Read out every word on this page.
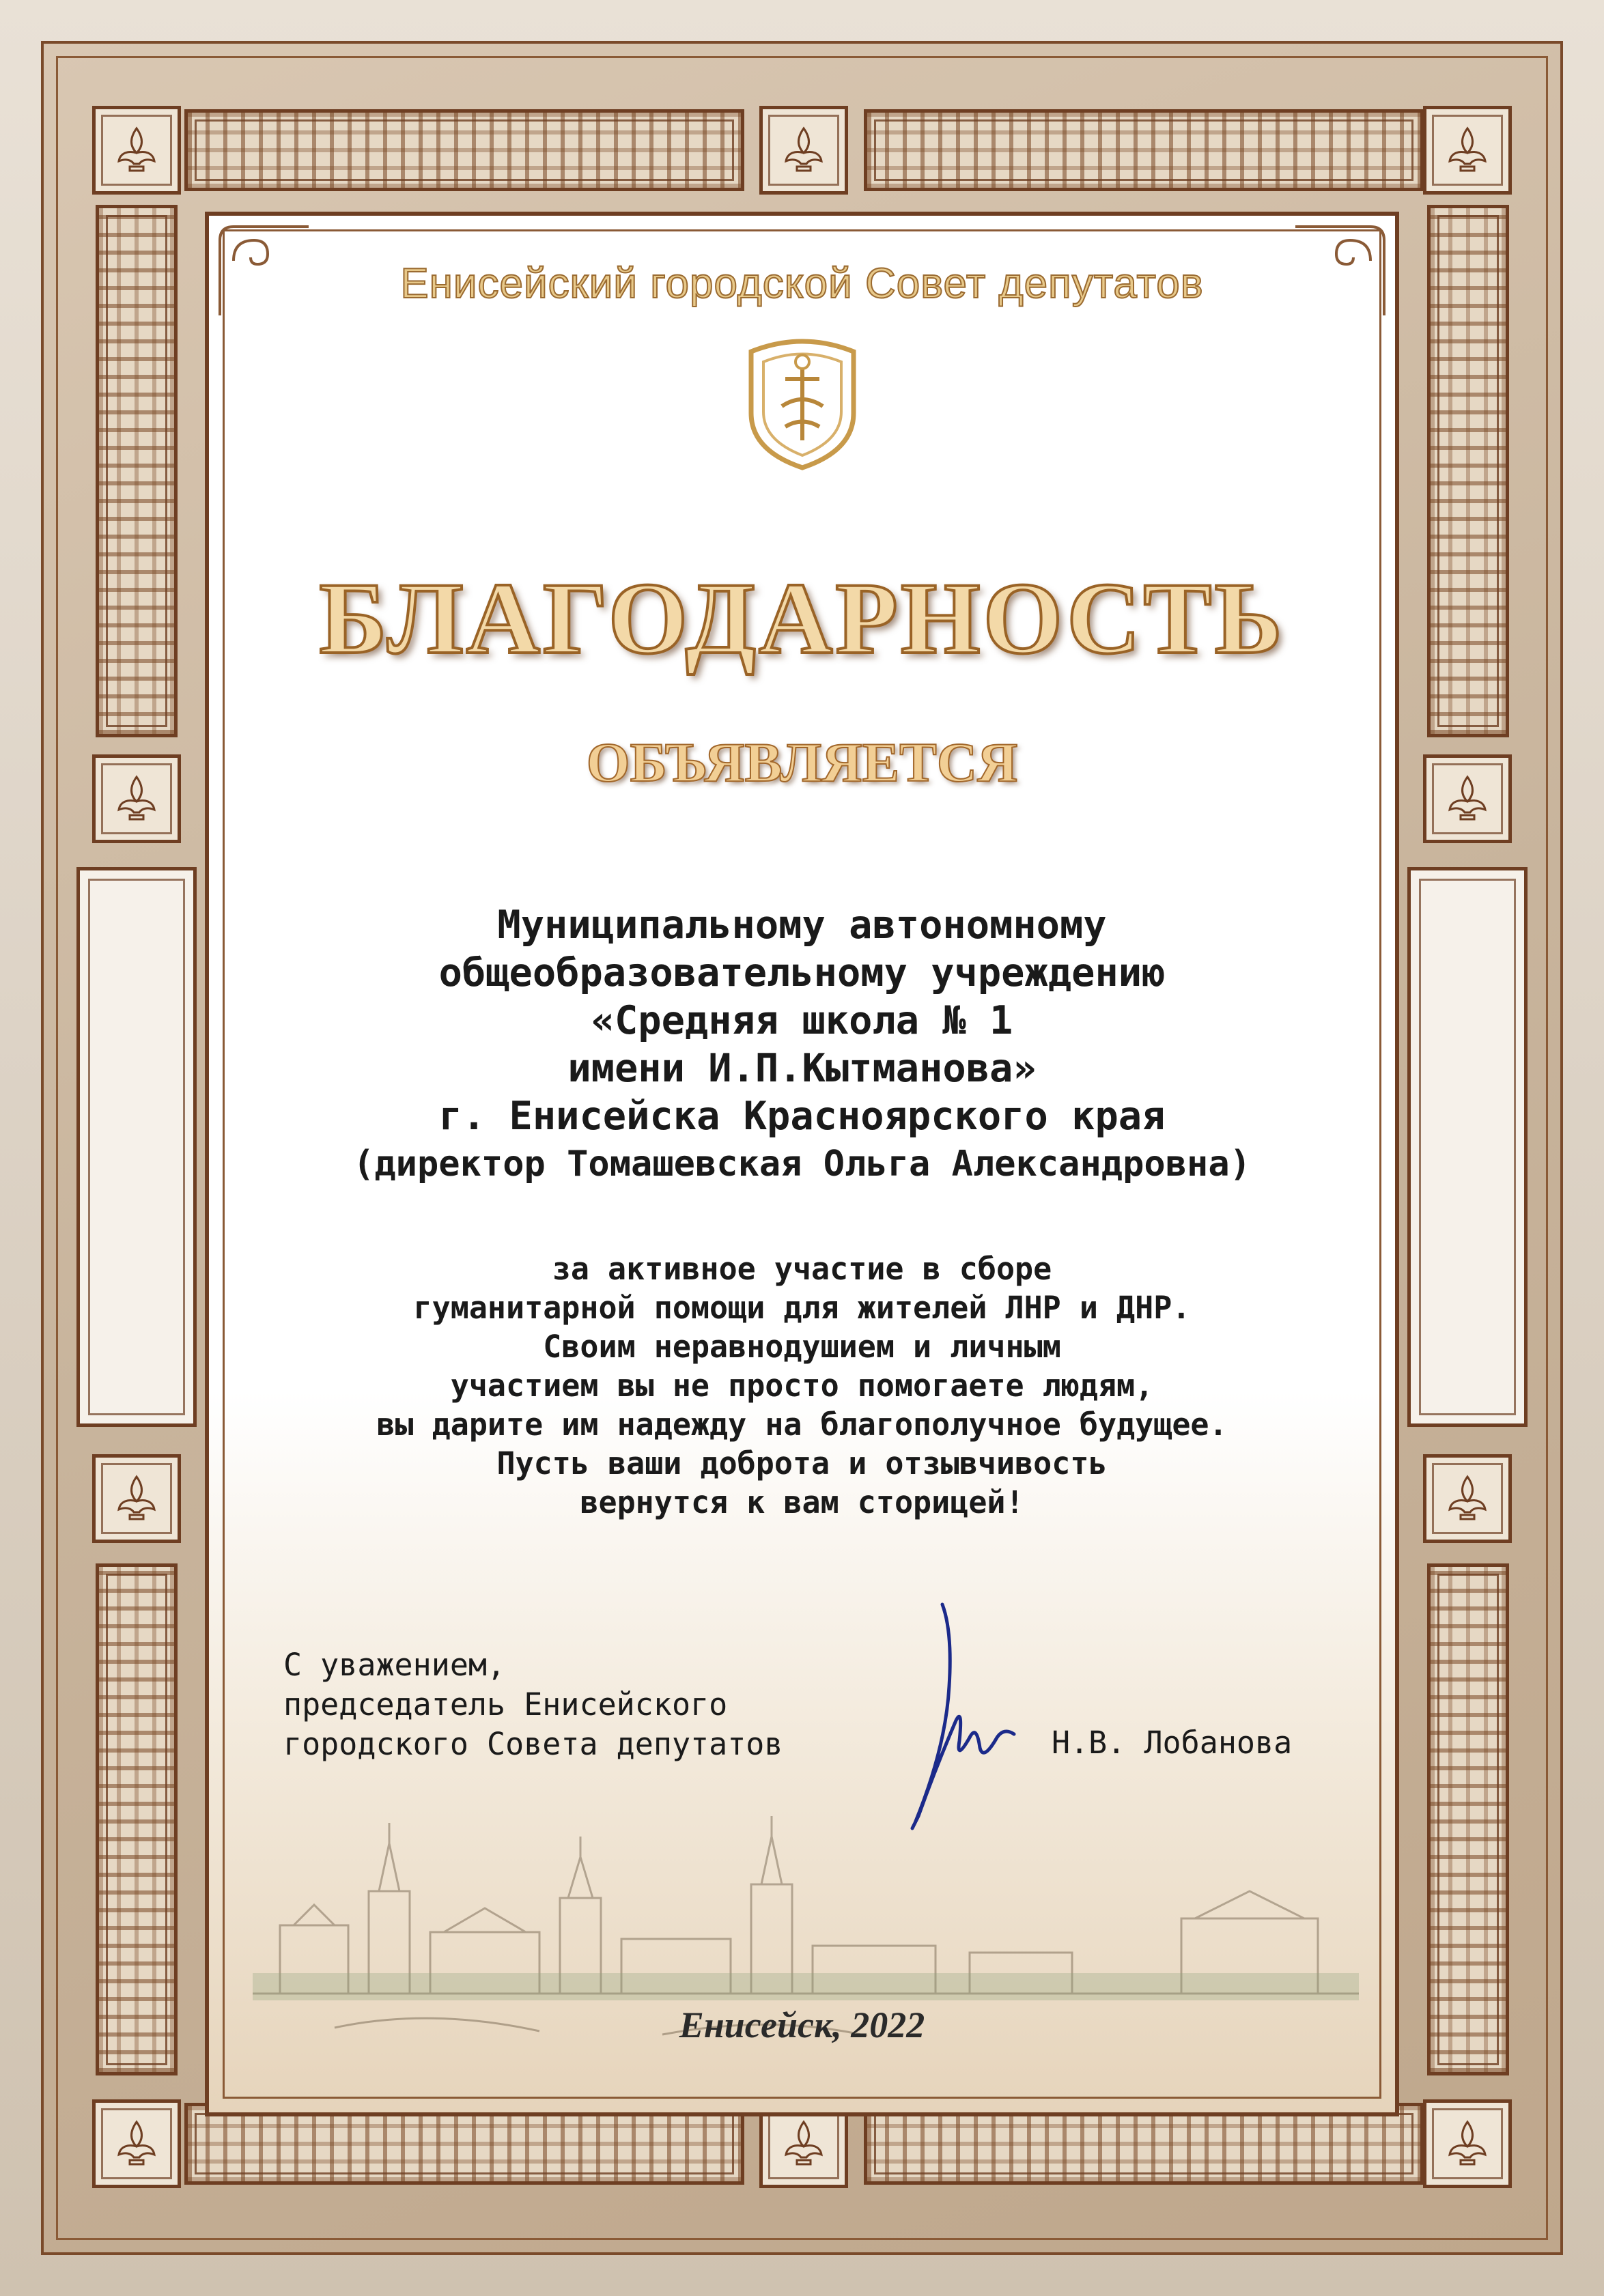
Енисейский городской Совет депутатов
БЛАГОДАРНОСТЬ
ОБЪЯВЛЯЕТСЯ
Муниципальному автономному
общеобразовательному учреждению
«Средняя школа № 1
имени И.П.Кытманова»
г. Енисейска Красноярского края
(директор Томашевская Ольга Александровна)
за активное участие в сборе
гуманитарной помощи для жителей ЛНР и ДНР.
Своим неравнодушием и личным
участием вы не просто помогаете людям,
вы дарите им надежду на благополучное будущее.
Пусть ваши доброта и отзывчивость
вернутся к вам сторицей!
С уважением,
председатель Енисейского
городского Совета депутатов	Н.В. Лобанова
Енисейск, 2022
